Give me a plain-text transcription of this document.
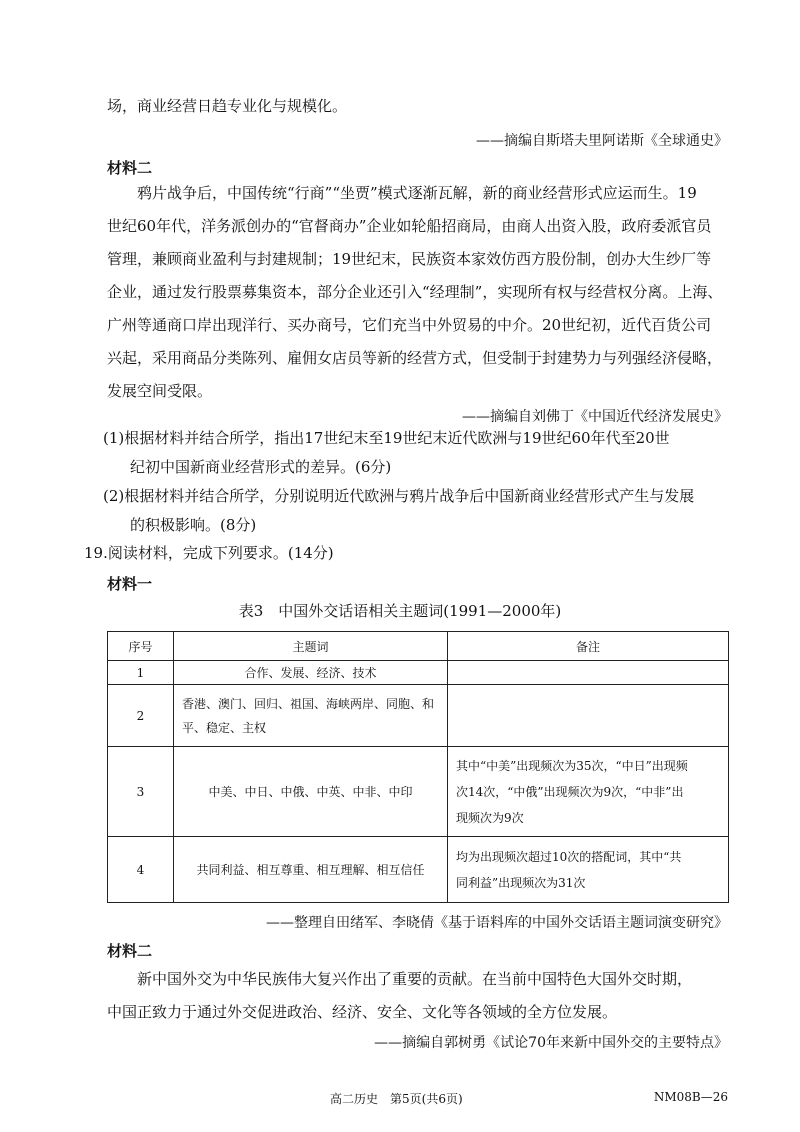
场，商业经营日趋专业化与规模化。
——摘编自斯塔夫里阿诺斯《全球通史》
材料二
鸦片战争后，中国传统“行商”“坐贾”模式逐渐瓦解，新的商业经营形式应运而生。19
世纪60年代，洋务派创办的“官督商办”企业如轮船招商局，由商人出资入股，政府委派官员
管理，兼顾商业盈利与封建规制；19世纪末，民族资本家效仿西方股份制，创办大生纱厂等
企业，通过发行股票募集资本，部分企业还引入“经理制”，实现所有权与经营权分离。上海、
广州等通商口岸出现洋行、买办商号，它们充当中外贸易的中介。20世纪初，近代百货公司
兴起，采用商品分类陈列、雇佣女店员等新的经营方式，但受制于封建势力与列强经济侵略，
发展空间受限。
——摘编自刘佛丁《中国近代经济发展史》
(1)根据材料并结合所学，指出17世纪末至19世纪末近代欧洲与19世纪60年代至20世
纪初中国新商业经营形式的差异。(6分)
(2)根据材料并结合所学，分别说明近代欧洲与鸦片战争后中国新商业经营形式产生与发展
的积极影响。(8分)
19.阅读材料，完成下列要求。(14分)
材料一
表3　中国外交话语相关主题词(1991—2000年)
序号	主题词	备注
1	合作、发展、经济、技术	
2	香港、澳门、回归、祖国、海峡两岸、同胞、和
平、稳定、主权	

3	中美、中日、中俄、中英、中非、中印	其中“中美”出现频次为35次，“中日”出现频
次14次，“中俄”出现频次为9次，“中非”出
现频次为9次

4	共同利益、相互尊重、相互理解、相互信任	均为出现频次超过10次的搭配词，其中“共
同利益”出现频次为31次
——整理自田绪军、李晓倩《基于语料库的中国外交话语主题词演变研究》
材料二
新中国外交为中华民族伟大复兴作出了重要的贡献。在当前中国特色大国外交时期，
中国正致力于通过外交促进政治、经济、安全、文化等各领域的全方位发展。
——摘编自郭树勇《试论70年来新中国外交的主要特点》
高二历史　第5页(共6页)	NM08B—26
